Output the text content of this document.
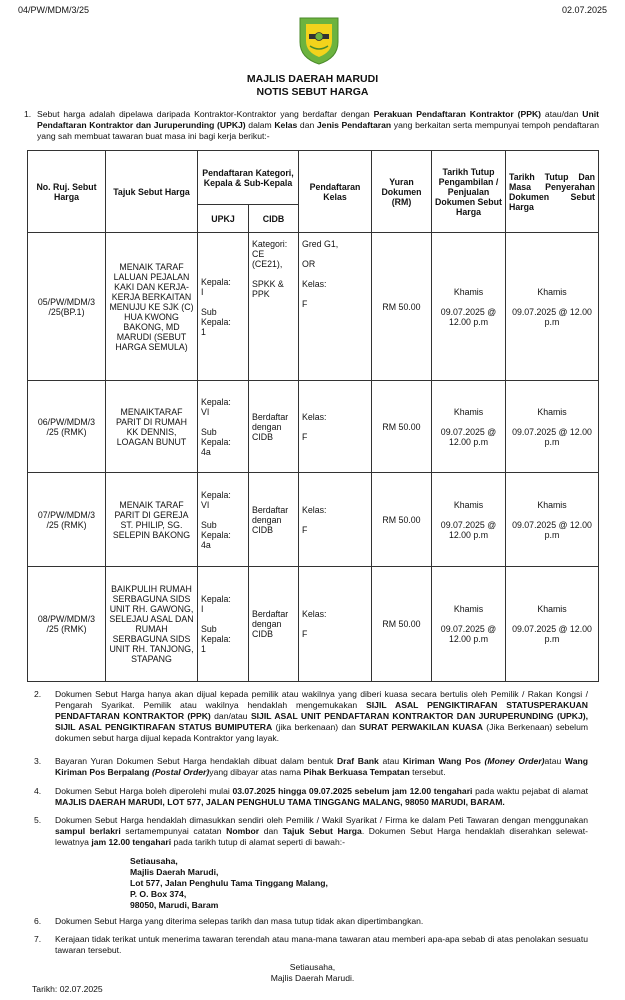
04/PW/MDM/3/25	02.07.2025
MAJLIS DAERAH MARUDI
NOTIS SEBUT HARGA
1. Sebut harga adalah dipelawa daripada Kontraktor-Kontraktor yang berdaftar dengan Perakuan Pendaftaran Kontraktor (PPK) atau/dan Unit Pendaftaran Kontraktor dan Juruperunding (UPKJ) dalam Kelas dan Jenis Pendaftaran yang berkaitan serta mempunyai tempoh pendaftaran yang sah membuat tawaran buat masa ini bagi kerja berikut:-
No. Ruj. Sebut Harga	Tajuk Sebut Harga	Pendaftaran Kategori, Kepala & Sub-Kepala		Pendaftaran Kelas	Yuran Dokumen (RM)	Tarikh Tutup Pengambilan / Penjualan Dokumen Sebut Harga	Tarikh Tutup Dan Masa Penyerahan Dokumen Sebut Harga
		UPKJ	CIDB				
05/PW/MDM/3
/25(BP.1)	MENAIK TARAF LALUAN PEJALAN KAKI DAN KERJA-KERJA BERKAITAN MENUJU KE SJK (C) HUA KWONG BAKONG, MD MARUDI (SEBUT HARGA SEMULA)	Kepala:
I

Sub Kepala:
1	Kategori: CE (CE21),

SPKK & PPK	Gred G1,

OR

Kelas:

F	RM 50.00	Khamis

09.07.2025 @ 12.00 p.m	Khamis

09.07.2025 @ 12.00 p.m
06/PW/MDM/3
/25 (RMK)	MENAIKTARAF PARIT DI RUMAH KK DENNIS, LOAGAN BUNUT	Kepala:
VI

Sub Kepala:
4a	Berdaftar dengan CIDB	Kelas:

F	RM 50.00	Khamis

09.07.2025 @ 12.00 p.m	Khamis

09.07.2025 @ 12.00 p.m
07/PW/MDM/3
/25 (RMK)	MENAIK TARAF PARIT DI GEREJA ST. PHILIP, SG. SELEPIN BAKONG	Kepala:
VI

Sub Kepala:
4a	Berdaftar dengan CIDB	Kelas:

F	RM 50.00	Khamis

09.07.2025 @ 12.00 p.m	Khamis

09.07.2025 @ 12.00 p.m
08/PW/MDM/3
/25 (RMK)	BAIKPULIH RUMAH SERBAGUNA SIDS UNIT RH. GAWONG, SELEJAU ASAL DAN RUMAH SERBAGUNA SIDS UNIT RH. TANJONG, STAPANG	Kepala:
I

Sub Kepala:
1	Berdaftar dengan CIDB	Kelas:

F	RM 50.00	Khamis

09.07.2025 @ 12.00 p.m	Khamis

09.07.2025 @ 12.00 p.m
2. Dokumen Sebut Harga hanya akan dijual kepada pemilik atau wakilnya yang diberi kuasa secara bertulis oleh Pemilik / Rakan Kongsi / Pengarah Syarikat. Pemilik atau wakilnya hendaklah mengemukakan SIJIL ASAL PENGIKTIRAFAN STATUSPERAKUAN PENDAFTARAN KONTRAKTOR (PPK) dan/atau SIJIL ASAL UNIT PENDAFTARAN KONTRAKTOR DAN JURUPERUNDING (UPKJ), SIJIL ASAL PENGIKTIRAFAN STATUS BUMIPUTERA (jika berkenaan) dan SURAT PERWAKILAN KUASA (Jika Berkenaan) sebelum dokumen sebut harga dijual kepada Kontraktor yang layak.
3. Bayaran Yuran Dokumen Sebut Harga hendaklah dibuat dalam bentuk Draf Bank atau Kiriman Wang Pos (Money Order)atau Wang Kiriman Pos Berpalang (Postal Order)yang dibayar atas nama Pihak Berkuasa Tempatan tersebut.
4. Dokumen Sebut Harga boleh diperolehi mulai 03.07.2025 hingga 09.07.2025 sebelum jam 12.00 tengahari pada waktu pejabat di alamat MAJLIS DAERAH MARUDI, LOT 577, JALAN PENGHULU TAMA TINGGANG MALANG, 98050 MARUDI, BARAM.
5. Dokumen Sebut Harga hendaklah dimasukkan sendiri oleh Pemilik / Wakil Syarikat / Firma ke dalam Peti Tawaran dengan menggunakan sampul berlakri sertamempunyai catatan Nombor dan Tajuk Sebut Harga. Dokumen Sebut Harga hendaklah diserahkan selewat-lewatnya jam 12.00 tengahari pada tarikh tutup di alamat seperti di bawah:-
Setiausaha,
Majlis Daerah Marudi,
Lot 577, Jalan Penghulu Tama Tinggang Malang,
P. O. Box 374,
98050, Marudi, Baram
6. Dokumen Sebut Harga yang diterima selepas tarikh dan masa tutup tidak akan dipertimbangkan.
7. Kerajaan tidak terikat untuk menerima tawaran terendah atau mana-mana tawaran atau memberi apa-apa sebab di atas penolakan sesuatu tawaran tersebut.
Setiausaha,
Majlis Daerah Marudi.
Tarikh: 02.07.2025
